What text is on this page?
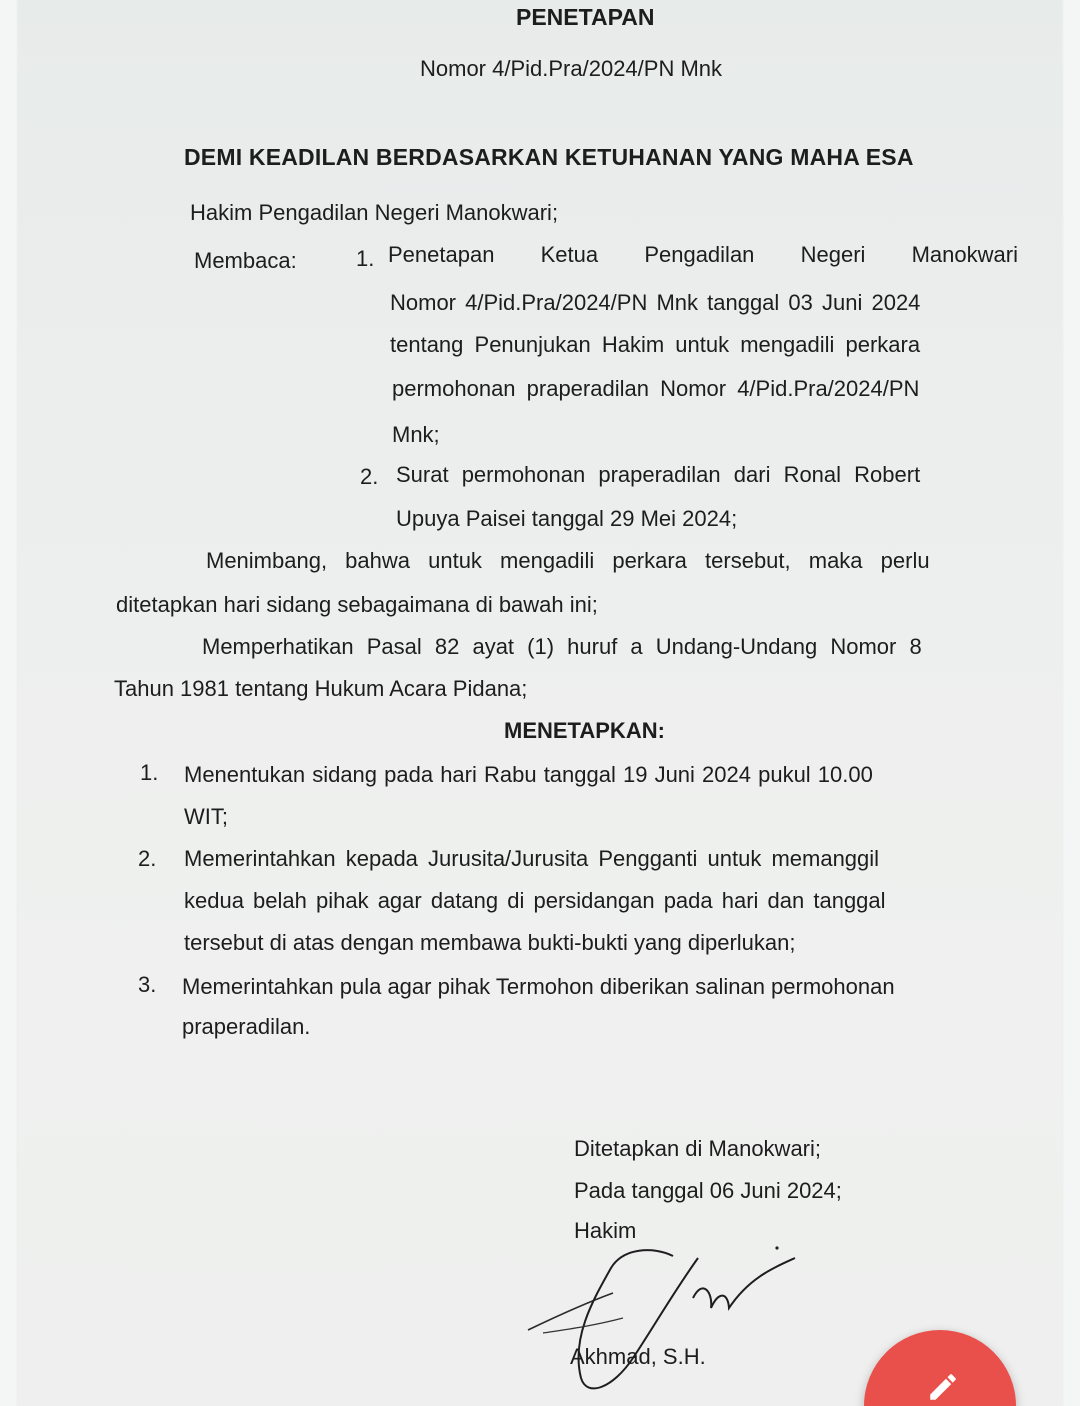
PENETAPAN
Nomor 4/Pid.Pra/2024/PN Mnk
DEMI KEADILAN BERDASARKAN KETUHANAN YANG MAHA ESA
Hakim Pengadilan Negeri Manokwari;
Membaca:	1. Penetapan Ketua Pengadilan Negeri Manokwari
Nomor 4/Pid.Pra/2024/PN Mnk tanggal 03 Juni 2024
tentang Penunjukan Hakim untuk mengadili perkara
permohonan praperadilan Nomor 4/Pid.Pra/2024/PN
Mnk;
2. Surat permohonan praperadilan dari Ronal Robert
Upuya Paisei tanggal 29 Mei 2024;
Menimbang, bahwa untuk mengadili perkara tersebut, maka perlu
ditetapkan hari sidang sebagaimana di bawah ini;
Memperhatikan Pasal 82 ayat (1) huruf a Undang-Undang Nomor 8
Tahun 1981 tentang Hukum Acara Pidana;
MENETAPKAN:
1. Menentukan sidang pada hari Rabu tanggal 19 Juni 2024 pukul 10.00
WIT;
2. Memerintahkan kepada Jurusita/Jurusita Pengganti untuk memanggil
kedua belah pihak agar datang di persidangan pada hari dan tanggal
tersebut di atas dengan membawa bukti-bukti yang diperlukan;
3. Memerintahkan pula agar pihak Termohon diberikan salinan permohonan
praperadilan.
Ditetapkan di Manokwari;
Pada tanggal 06 Juni 2024;
Hakim
Akhmad, S.H.
